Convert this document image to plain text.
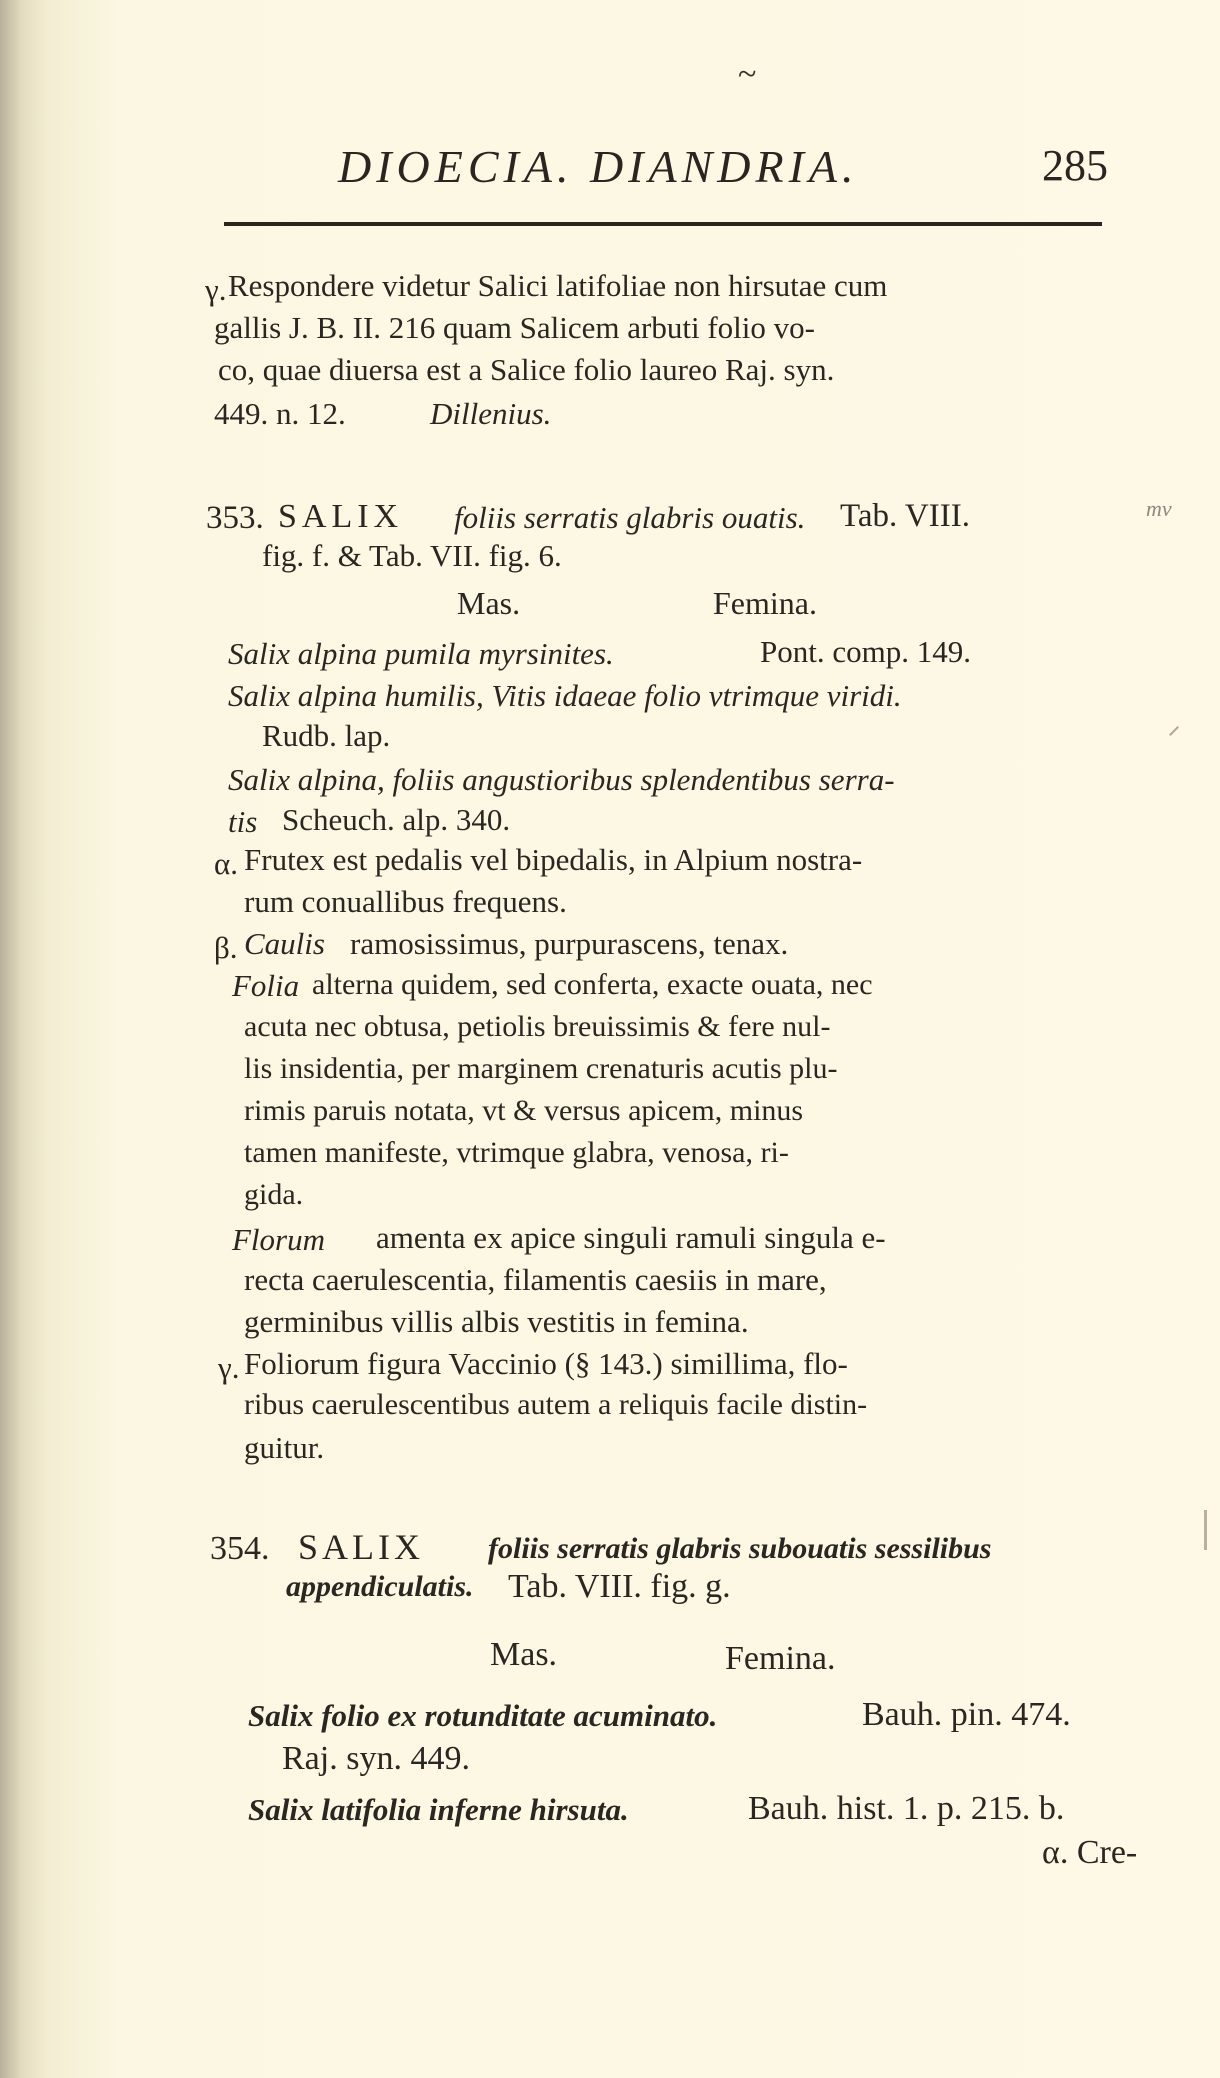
~
DIOECIA. DIANDRIA.	285
γ. Respondere videtur Salici latifoliae non hirsutae cum
gallis J. B. II. 216 quam Salicem arbuti folio vo-
co, quae diuersa est a Salice folio laureo Raj. syn.
449. n. 12.	Dillenius.
353. SALIX foliis serratis glabris ouatis. Tab. VIII.	mv
fig. f. & Tab. VII. fig. 6.
Mas.	Femina.
Salix alpina pumila myrsinites.	Pont. comp. 149.
Salix alpina humilis, Vitis idaeae folio vtrimque viridi.
Rudb. lap.
Salix alpina, foliis angustioribus splendentibus serra-
tis Scheuch. alp. 340.
α. Frutex est pedalis vel bipedalis, in Alpium nostra-
rum conuallibus frequens.
β. Caulis ramosissimus, purpurascens, tenax.
Folia alterna quidem, sed conferta, exacte ouata, nec
acuta nec obtusa, petiolis breuissimis & fere nul-
lis insidentia, per marginem crenaturis acutis plu-
rimis paruis notata, vt & versus apicem, minus
tamen manifeste, vtrimque glabra, venosa, ri-
gida.
Florum amenta ex apice singuli ramuli singula e-
recta caerulescentia, filamentis caesiis in mare,
germinibus villis albis vestitis in femina.
γ. Foliorum figura Vaccinio (§ 143.) simillima, flo-
ribus caerulescentibus autem a reliquis facile distin-
guitur.
354. SALIX foliis serratis glabris subouatis sessilibus
appendiculatis. Tab. VIII. fig. g.
Mas.	Femina.
Salix folio ex rotunditate acuminato.	Bauh. pin. 474.
Raj. syn. 449.
Salix latifolia inferne hirsuta.	Bauh. hist. 1. p. 215. b.
α. Cre-
